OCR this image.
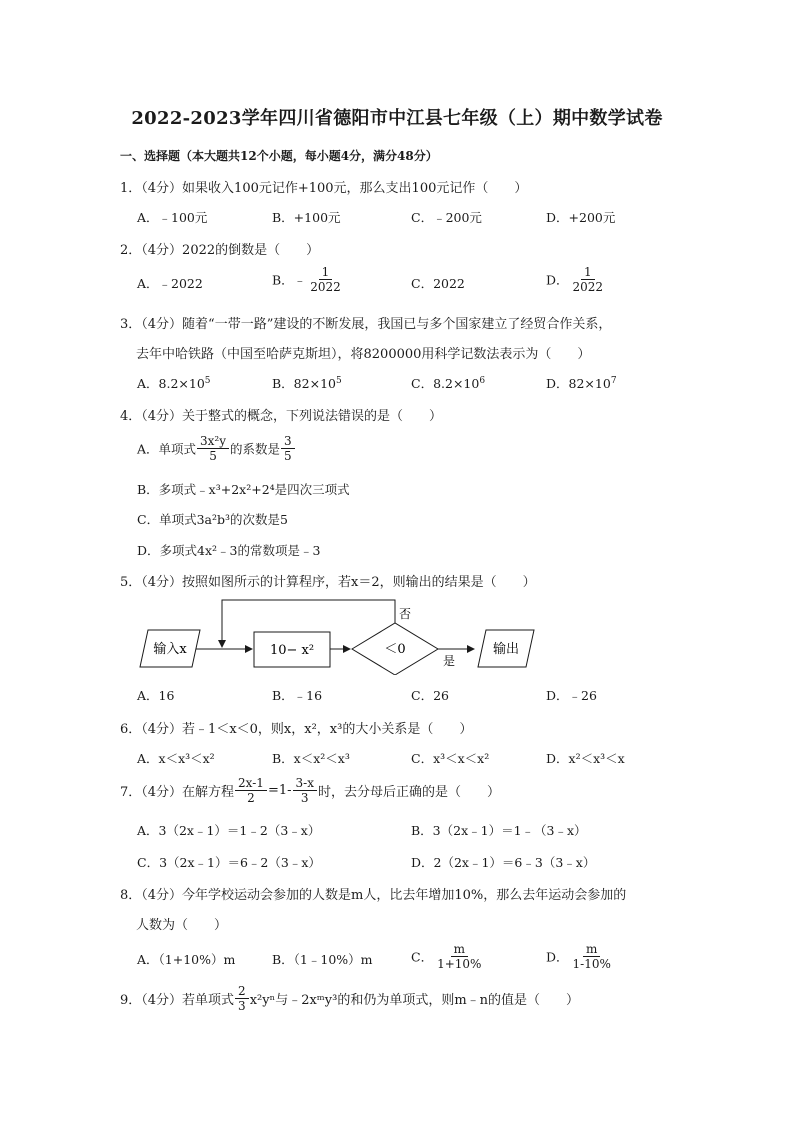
2022-2023学年四川省德阳市中江县七年级（上）期中数学试卷
一、选择题（本大题共12个小题，每小题4分，满分48分）
1．（4分）如果收入100元记作+100元，那么支出100元记作（　　）
A．﹣100元	B．+100元	C．﹣200元	D．+200元
2．（4分）2022的倒数是（　　）
A．﹣2022	B．﹣ $\frac{1}{2022}$	C．2022	D． $\frac{1}{2022}$
3．（4分）随着“一带一路”建设的不断发展，我国已与多个国家建立了经贸合作关系，
去年中哈铁路（中国至哈萨克斯坦），将8200000用科学记数法表示为（　　）
A．$8.2\times 10^5$	B．$82\times 10^5$	C．$8.2\times 10^6$	D．$82\times 10^7$
4．（4分）关于整式的概念，下列说法错误的是（　　）
A．单项式 $\frac{\text{3x²y}}{5}$ 的系数是 $\frac{3}{5}$
B．多项式﹣x³+2x²+2⁴是四次三项式
C．单项式3a²b³的次数是5
D．多项式4x²﹣3的常数项是﹣3
5．（4分）按照如图所示的计算程序，若x＝2，则输出的结果是（　　）
输入x	10− x²	＜0
否
是
输出
A．16	B．﹣16	C．26	D．﹣26
6．（4分）若﹣1＜x＜0，则x，x²，x³的大小关系是（　　）
A．x＜x³＜x²	B．x＜x²＜x³	C．x³＜x＜x²	D．x²＜x³＜x
7．（4分）在解方程 $\frac{2x-1}{2} =1- \frac{3-x}{3}$ 时，去分母后正确的是（　　）
A．3（2x﹣1）＝1﹣2（3﹣x）	B．3（2x﹣1）＝1﹣（3﹣x）
C．3（2x﹣1）＝6﹣2（3﹣x）	D．2（2x﹣1）＝6﹣3（3﹣x）
8．（4分）今年学校运动会参加的人数是m人，比去年增加10%，那么去年运动会参加的
人数为（　　）
A．（1+10%）m	B．（1﹣10%）m	C． $\frac{m}{1+10\%}$	D． $\frac{m}{1-10\%}$
9．（4分）若单项式 $\frac{2}{3} x^2y^n$与﹣2xᵐy³的和仍为单项式，则m﹣n的值是（　　）
